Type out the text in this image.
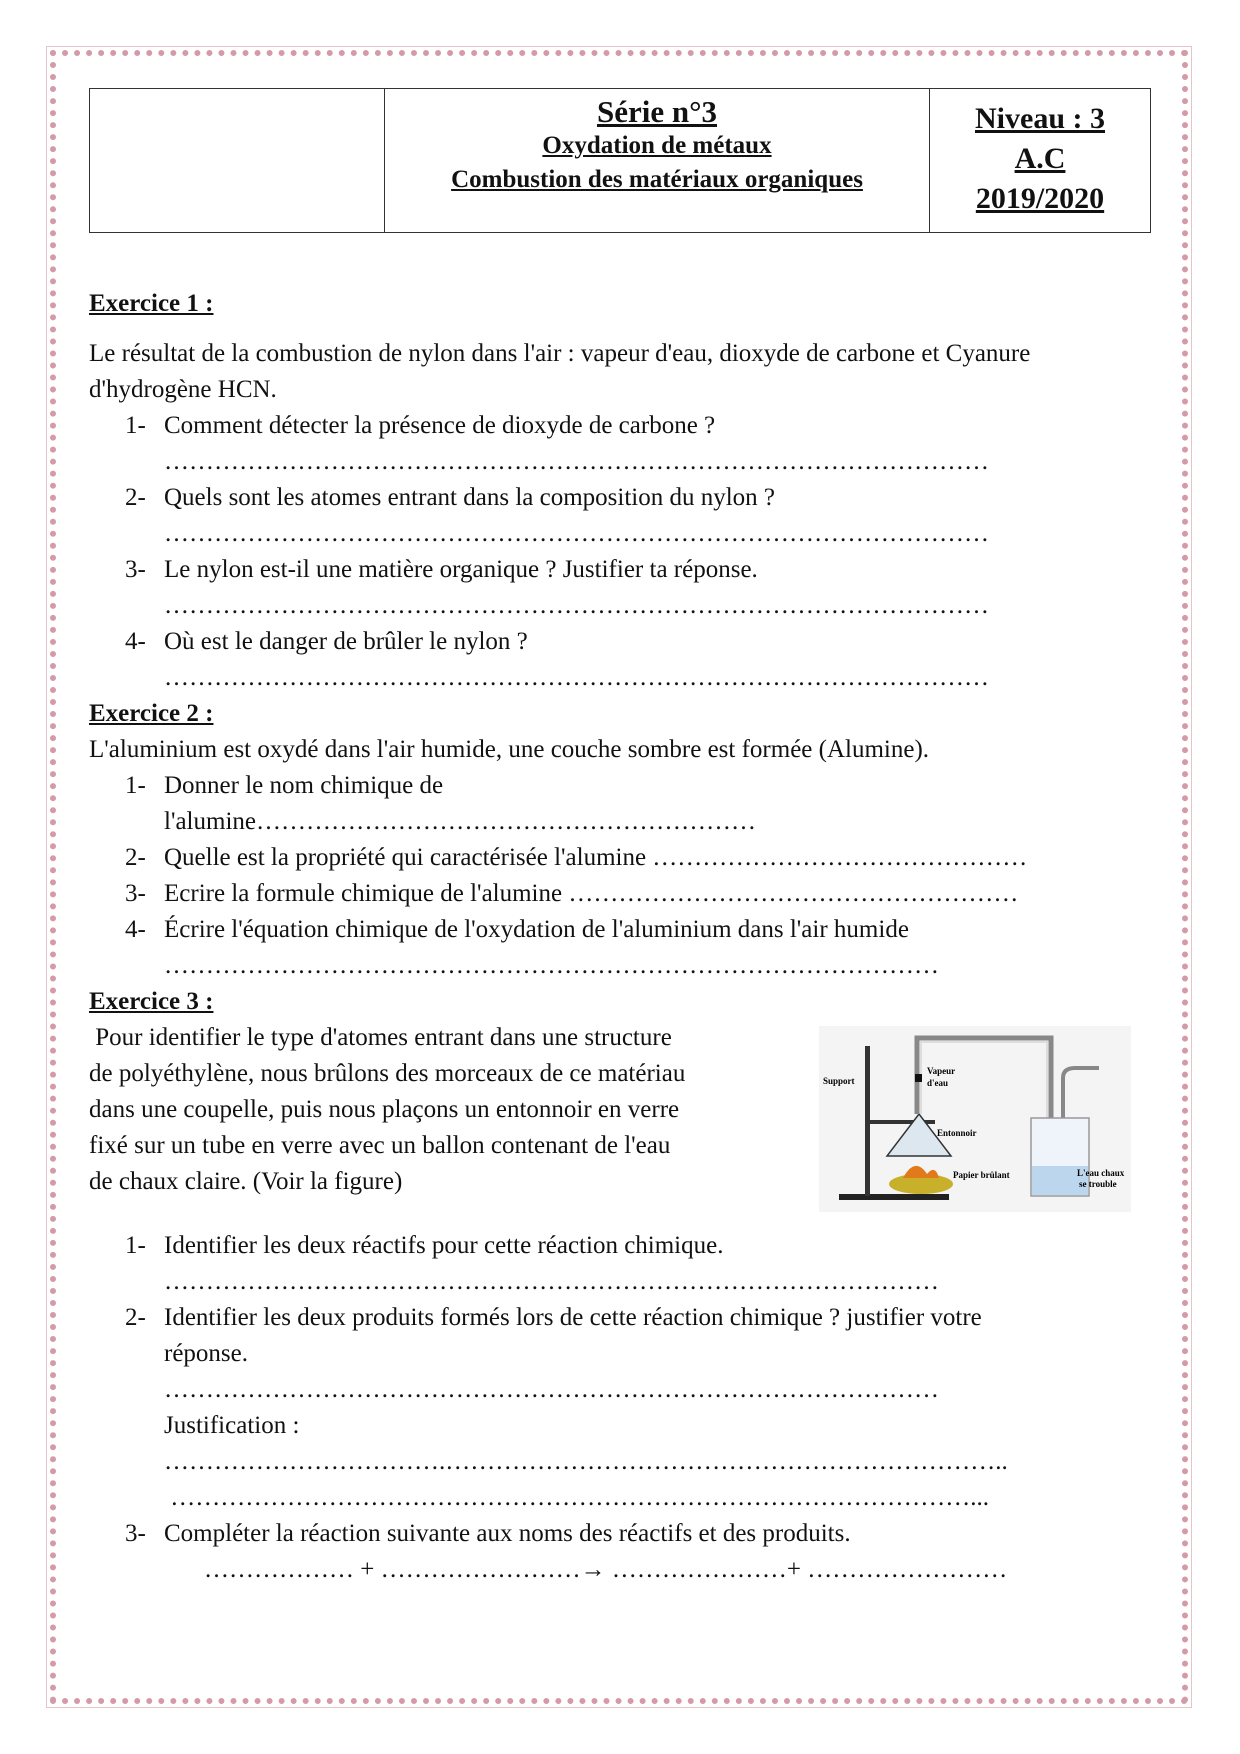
Série n°3
Oxydation de métaux
Combustion des matériaux organiques
Niveau : 3
A.C
2019/2020
Exercice 1 :

Le résultat de la combustion de nylon dans l'air : vapeur d'eau, dioxyde de carbone et Cyanure d'hydrogène HCN.

1- Comment détecter la présence de dioxyde de carbone ?
………………………………………………………………………………………
2- Quels sont les atomes entrant dans la composition du nylon ?
………………………………………………………………………………………
3- Le nylon est-il une matière organique ? Justifier ta réponse.
………………………………………………………………………………………
4- Où est le danger de brûler le nylon ?
………………………………………………………………………………………
Exercice 2 :

L'aluminium est oxydé dans l'air humide, une couche sombre est formée (Alumine).

1- Donner le nom chimique de
l'alumine……………………………………………………
2- Quelle est la propriété qui caractérisée l'alumine ………………………………………
3- Ecrire la formule chimique de l'alumine ………………………………………………
4- Écrire l'équation chimique de l'oxydation de l'aluminium dans l'air humide
…………………………………………………………………………………
Exercice 3 :
Pour identifier le type d'atomes entrant dans une structure
de polyéthylène, nous brûlons des morceaux de ce matériau
dans une coupelle, puis nous plaçons un entonnoir en verre
fixé sur un tube en verre avec un ballon contenant de l'eau
de chaux claire. (Voir la figure)
Support
Vapeur
d'eau
Entonnoir
Papier brûlant	L'eau chaux
se trouble
1- Identifier les deux réactifs pour cette réaction chimique.
…………………………………………………………………………………
2- Identifier les deux produits formés lors de cette réaction chimique ? justifier votre
réponse.
…………………………………………………………………………………
Justification :
…………………………….…………………………………………………………..
……………………………………………………………………………………...
3- Compléter la réaction suivante aux noms des réactifs et des produits.
……………… + ……………………→ …………………+ ……………………
